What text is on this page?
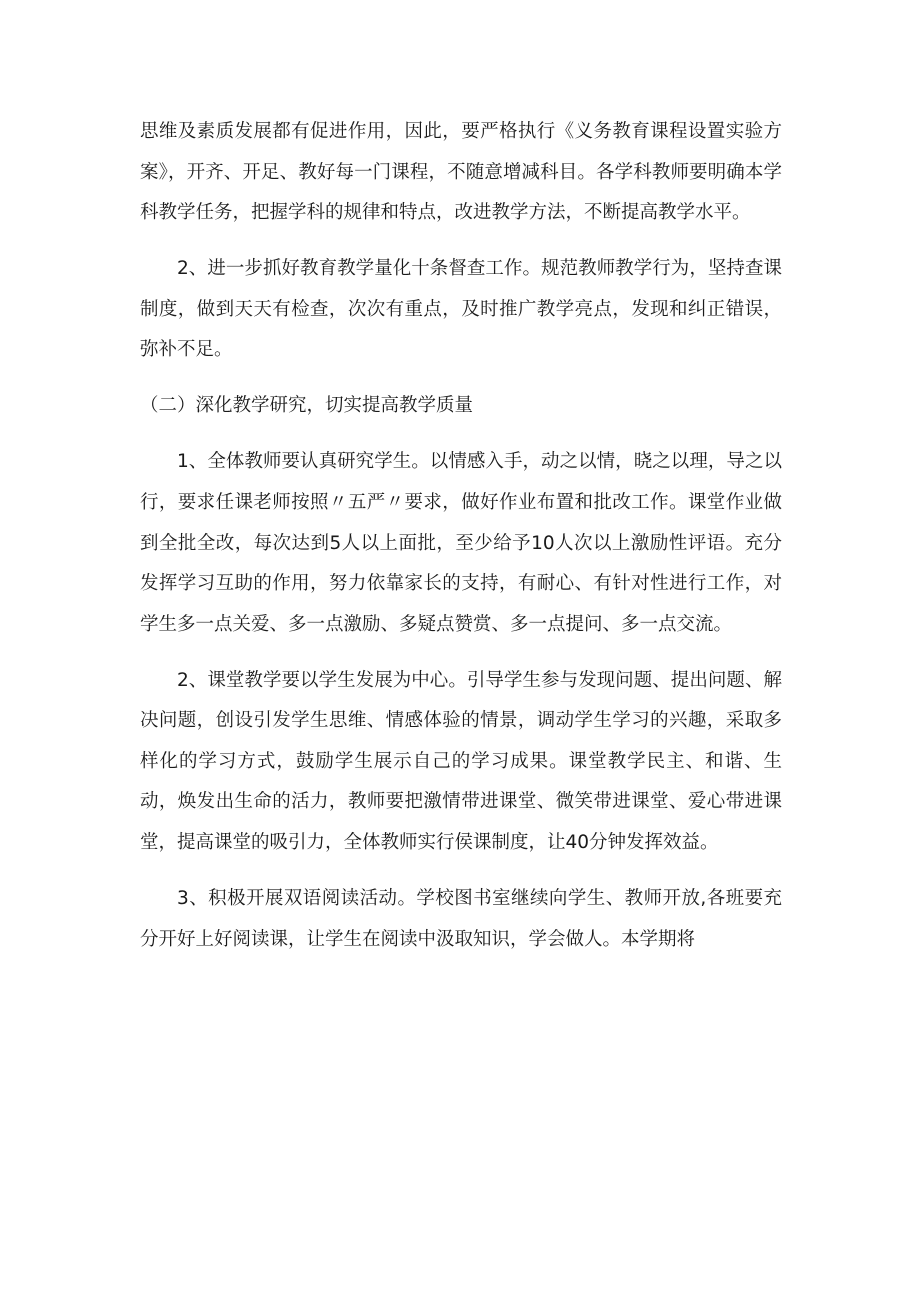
思维及素质发展都有促进作用，因此，要严格执行《义务教育课程设置实验方案》，开齐、开足、教好每一门课程，不随意增减科目。各学科教师要明确本学科教学任务，把握学科的规律和特点，改进教学方法，不断提高教学水平。

2、进一步抓好教育教学量化十条督查工作。规范教师教学行为，坚持查课制度，做到天天有检查，次次有重点，及时推广教学亮点，发现和纠正错误，弥补不足。

（二）深化教学研究，切实提高教学质量

1、全体教师要认真研究学生。以情感入手，动之以情，晓之以理，导之以行，要求任课老师按照〃五严〃要求，做好作业布置和批改工作。课堂作业做到全批全改，每次达到5人以上面批，至少给予10人次以上激励性评语。充分发挥学习互助的作用，努力依靠家长的支持，有耐心、有针对性进行工作，对学生多一点关爱、多一点激励、多疑点赞赏、多一点提问、多一点交流。

2、课堂教学要以学生发展为中心。引导学生参与发现问题、提出问题、解决问题，创设引发学生思维、情感体验的情景，调动学生学习的兴趣，采取多样化的学习方式，鼓励学生展示自己的学习成果。课堂教学民主、和谐、生动，焕发出生命的活力，教师要把激情带进课堂、微笑带进课堂、爱心带进课堂，提高课堂的吸引力，全体教师实行侯课制度，让40分钟发挥效益。

3、积极开展双语阅读活动。学校图书室继续向学生、教师开放,各班要充分开好上好阅读课，让学生在阅读中汲取知识，学会做人。本学期将
